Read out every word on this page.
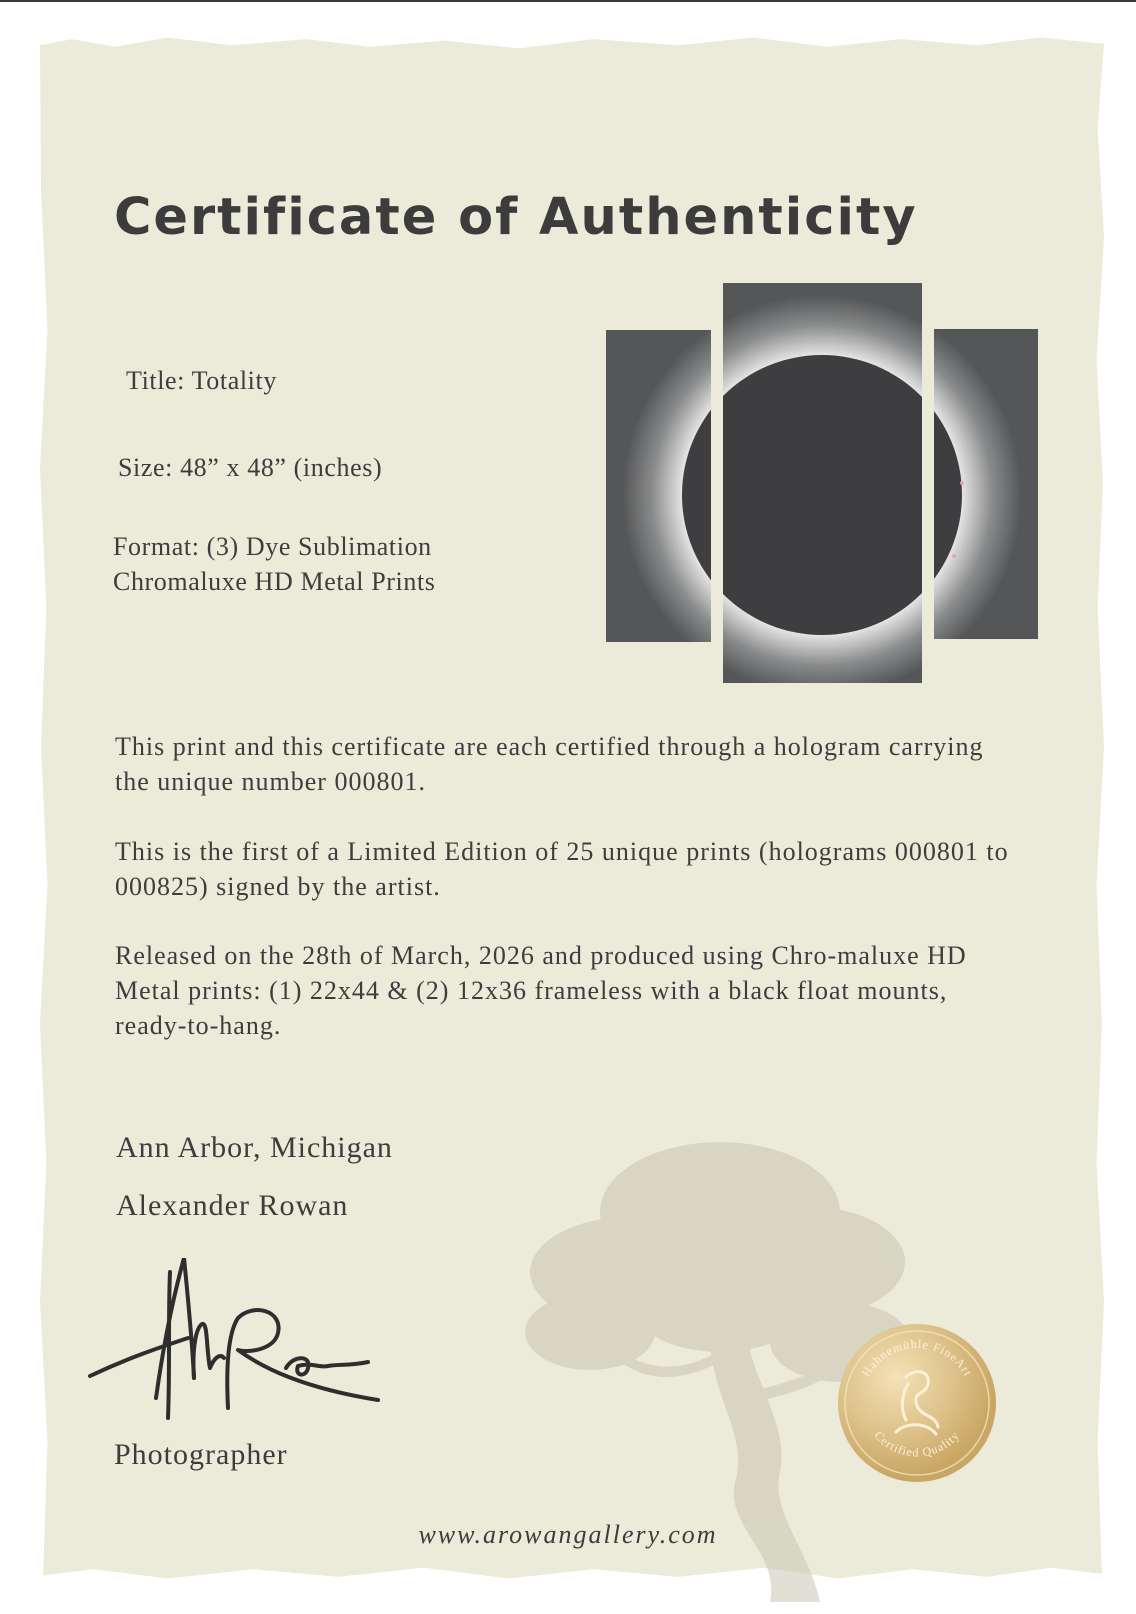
Certificate of Authenticity

Title: Totality

Size: 48” x 48” (inches)

Format: (3) Dye Sublimation

Chromaluxe HD Metal Prints

This print and this certificate are each certified through a hologram carrying the unique number 000801.

This is the first of a Limited Edition of 25 unique prints (holograms 000801 to 000825) signed by the artist.

Released on the 28th of March, 2026 and produced using Chro-maluxe HD Metal prints: (1) 22x44 & (2) 12x36 frameless with a black float mounts, ready-to-hang.

Ann Arbor, Michigan

Alexander Rowan

Photographer

Hahnemühle FineArt
Certified Quality

www.arowangallery.com
